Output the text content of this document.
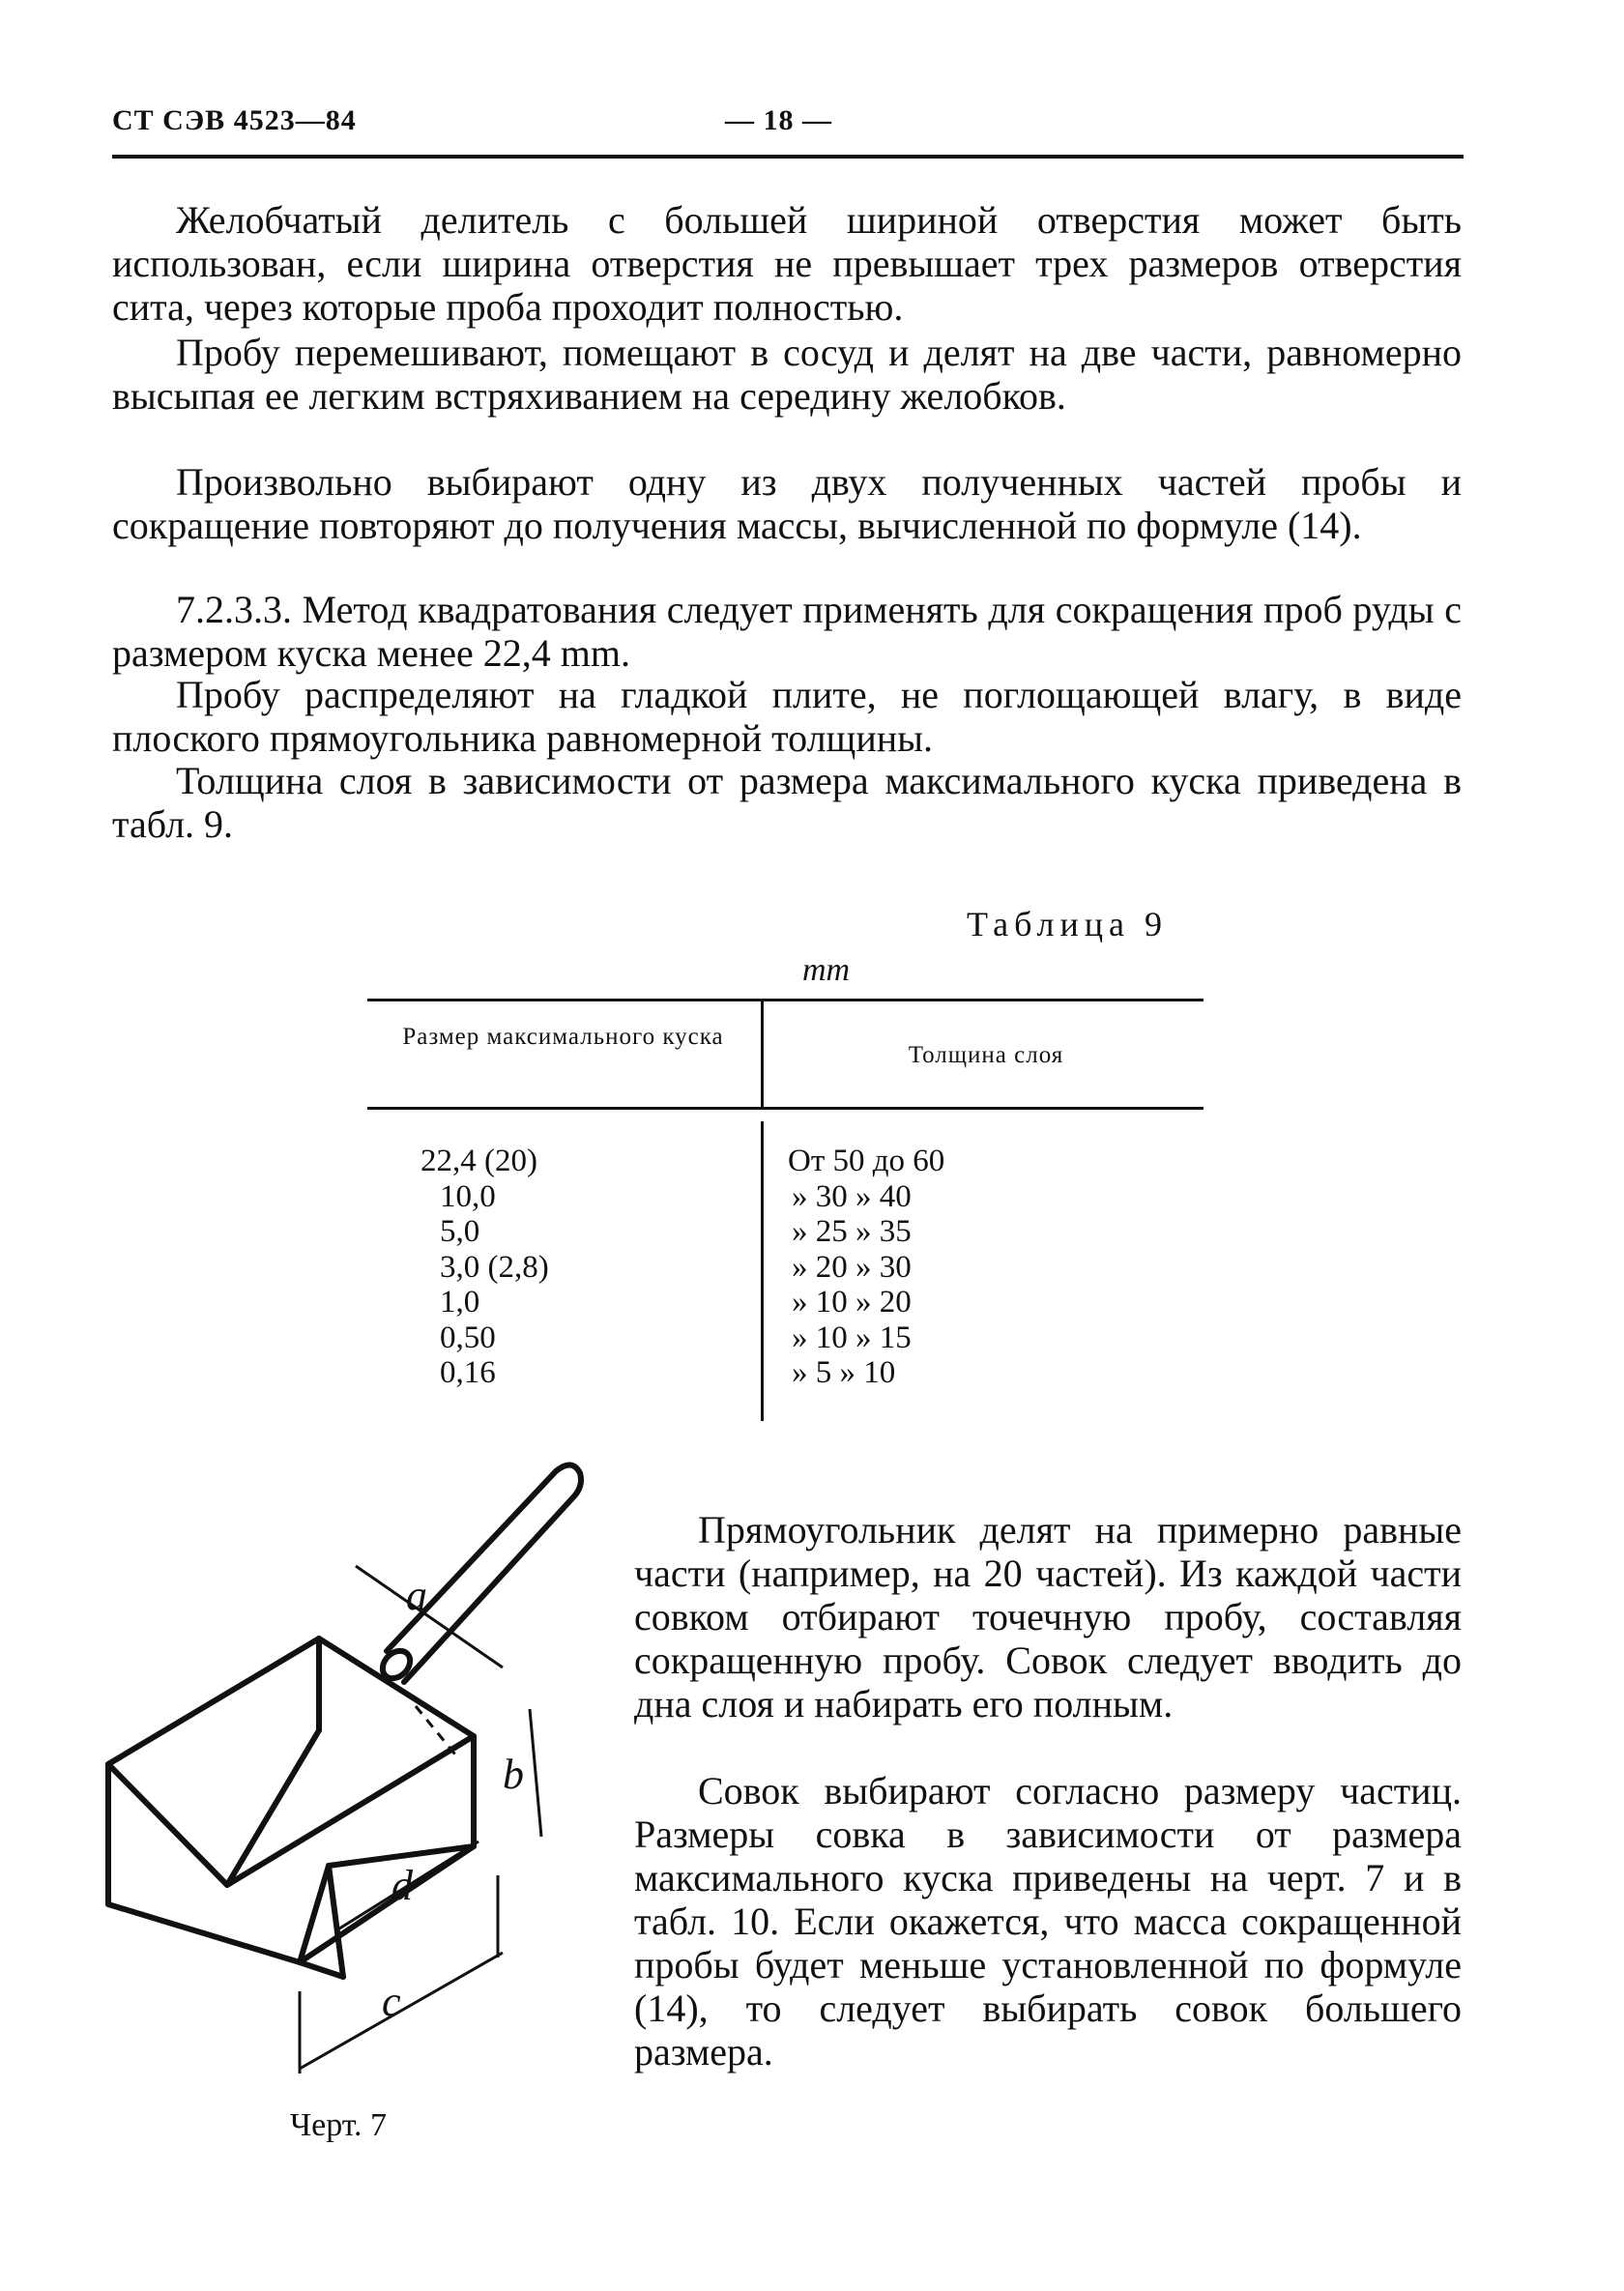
СТ СЭВ 4523—84	— 18 —

Желобчатый делитель с большей шириной отверстия может быть использован, если ширина отверстия не превышает трех размеров отверстия сита, через которые проба проходит полностью.

Пробу перемешивают, помещают в сосуд и делят на две части, равномерно высыпая ее легким встряхиванием на середину желобков.

Произвольно выбирают одну из двух полученных частей пробы и сокращение повторяют до получения массы, вычисленной по формуле (14).

7.2.3.3. Метод квадратования следует применять для сокращения проб руды с размером куска менее 22,4 mm.

Пробу распределяют на гладкой плите, не поглощающей влагу, в виде плоского прямоугольника равномерной толщины.

Толщина слоя в зависимости от размера максимального куска приведена в табл. 9.

Таблица 9
mm
Размер максимального куска
Толщина слоя
22,4 (20)
10,0
5,0
3,0 (2,8)
1,0
0,50
0,16
От 50 до 60
» 30 » 40
» 25 » 35
» 20 » 30
» 10 » 20
» 10 » 15
» 5 » 10
a
b
c
d
Черт. 7

Прямоугольник делят на примерно равные части (например, на 20 частей). Из каждой части совком отбирают точечную пробу, составляя сокращенную пробу. Совок следует вводить до дна слоя и набирать его полным.

Совок выбирают согласно размеру частиц. Размеры совка в зависимости от размера максимального куска приведены на черт. 7 и в табл. 10. Если окажется, что масса сокращенной пробы будет меньше установленной по формуле (14), то следует выбирать совок большего размера.
